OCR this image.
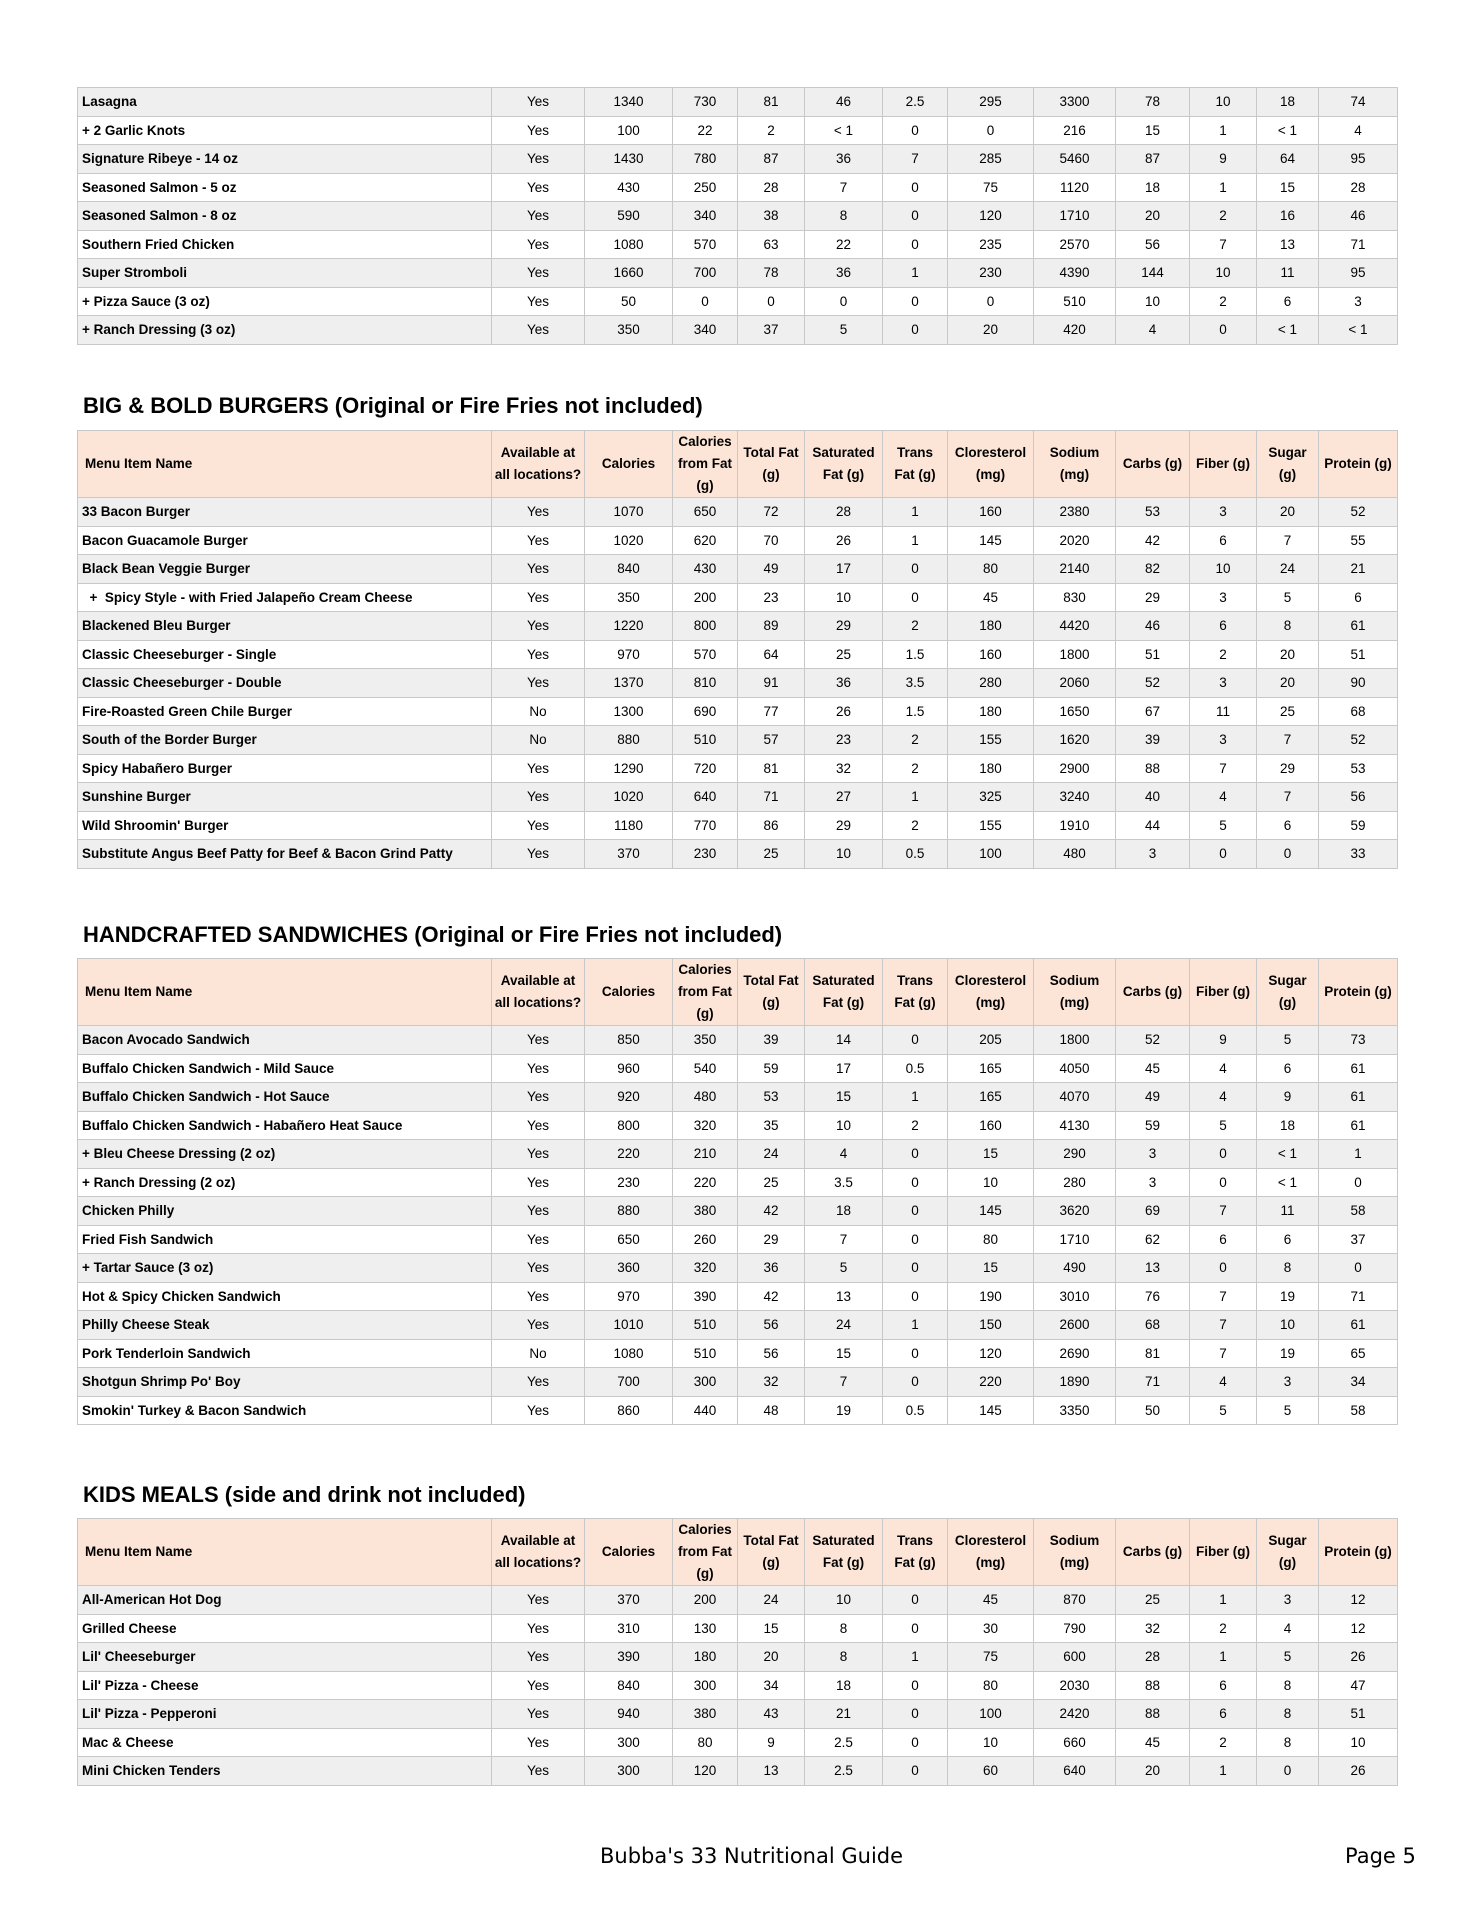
Lasagna	Yes	1340	730	81	46	2.5	295	3300	78	10	18	74
+ 2 Garlic Knots	Yes	100	22	2	< 1	0	0	216	15	1	< 1	4
Signature Ribeye - 14 oz	Yes	1430	780	87	36	7	285	5460	87	9	64	95
Seasoned Salmon - 5 oz	Yes	430	250	28	7	0	75	1120	18	1	15	28
Seasoned Salmon - 8 oz	Yes	590	340	38	8	0	120	1710	20	2	16	46
Southern Fried Chicken	Yes	1080	570	63	22	0	235	2570	56	7	13	71
Super Stromboli	Yes	1660	700	78	36	1	230	4390	144	10	11	95
+ Pizza Sauce (3 oz)	Yes	50	0	0	0	0	0	510	10	2	6	3
+ Ranch Dressing (3 oz)	Yes	350	340	37	5	0	20	420	4	0	< 1	< 1
BIG & BOLD BURGERS (Original or Fire Fries not included)
Menu Item Name	Available at all locations?	Calories	Calories from Fat (g)	Total Fat (g)	Saturated Fat (g)	Trans Fat (g)	Cloresterol (mg)	Sodium (mg)	Carbs (g)	Fiber (g)	Sugar (g)	Protein (g)
33 Bacon Burger	Yes	1070	650	72	28	1	160	2380	53	3	20	52
Bacon Guacamole Burger	Yes	1020	620	70	26	1	145	2020	42	6	7	55
Black Bean Veggie Burger	Yes	840	430	49	17	0	80	2140	82	10	24	21
+  Spicy Style - with Fried Jalapeño Cream Cheese	Yes	350	200	23	10	0	45	830	29	3	5	6
Blackened Bleu Burger	Yes	1220	800	89	29	2	180	4420	46	6	8	61
Classic Cheeseburger - Single	Yes	970	570	64	25	1.5	160	1800	51	2	20	51
Classic Cheeseburger - Double	Yes	1370	810	91	36	3.5	280	2060	52	3	20	90
Fire-Roasted Green Chile Burger	No	1300	690	77	26	1.5	180	1650	67	11	25	68
South of the Border Burger	No	880	510	57	23	2	155	1620	39	3	7	52
Spicy Habañero Burger	Yes	1290	720	81	32	2	180	2900	88	7	29	53
Sunshine Burger	Yes	1020	640	71	27	1	325	3240	40	4	7	56
Wild Shroomin' Burger	Yes	1180	770	86	29	2	155	1910	44	5	6	59
Substitute Angus Beef Patty for Beef & Bacon Grind Patty	Yes	370	230	25	10	0.5	100	480	3	0	0	33
HANDCRAFTED SANDWICHES (Original or Fire Fries not included)
Menu Item Name	Available at all locations?	Calories	Calories from Fat (g)	Total Fat (g)	Saturated Fat (g)	Trans Fat (g)	Cloresterol (mg)	Sodium (mg)	Carbs (g)	Fiber (g)	Sugar (g)	Protein (g)
Bacon Avocado Sandwich	Yes	850	350	39	14	0	205	1800	52	9	5	73
Buffalo Chicken Sandwich - Mild Sauce	Yes	960	540	59	17	0.5	165	4050	45	4	6	61
Buffalo Chicken Sandwich - Hot Sauce	Yes	920	480	53	15	1	165	4070	49	4	9	61
Buffalo Chicken Sandwich - Habañero Heat Sauce	Yes	800	320	35	10	2	160	4130	59	5	18	61
+ Bleu Cheese Dressing (2 oz)	Yes	220	210	24	4	0	15	290	3	0	< 1	1
+ Ranch Dressing (2 oz)	Yes	230	220	25	3.5	0	10	280	3	0	< 1	0
Chicken Philly	Yes	880	380	42	18	0	145	3620	69	7	11	58
Fried Fish Sandwich	Yes	650	260	29	7	0	80	1710	62	6	6	37
+ Tartar Sauce (3 oz)	Yes	360	320	36	5	0	15	490	13	0	8	0
Hot & Spicy Chicken Sandwich	Yes	970	390	42	13	0	190	3010	76	7	19	71
Philly Cheese Steak	Yes	1010	510	56	24	1	150	2600	68	7	10	61
Pork Tenderloin Sandwich	No	1080	510	56	15	0	120	2690	81	7	19	65
Shotgun Shrimp Po' Boy	Yes	700	300	32	7	0	220	1890	71	4	3	34
Smokin' Turkey & Bacon Sandwich	Yes	860	440	48	19	0.5	145	3350	50	5	5	58
KIDS MEALS (side and drink not included)
Menu Item Name	Available at all locations?	Calories	Calories from Fat (g)	Total Fat (g)	Saturated Fat (g)	Trans Fat (g)	Cloresterol (mg)	Sodium (mg)	Carbs (g)	Fiber (g)	Sugar (g)	Protein (g)
All-American Hot Dog	Yes	370	200	24	10	0	45	870	25	1	3	12
Grilled Cheese	Yes	310	130	15	8	0	30	790	32	2	4	12
Lil' Cheeseburger	Yes	390	180	20	8	1	75	600	28	1	5	26
Lil' Pizza - Cheese	Yes	840	300	34	18	0	80	2030	88	6	8	47
Lil' Pizza - Pepperoni	Yes	940	380	43	21	0	100	2420	88	6	8	51
Mac & Cheese	Yes	300	80	9	2.5	0	10	660	45	2	8	10
Mini Chicken Tenders	Yes	300	120	13	2.5	0	60	640	20	1	0	26
Bubba's 33 Nutritional Guide	Page 5
